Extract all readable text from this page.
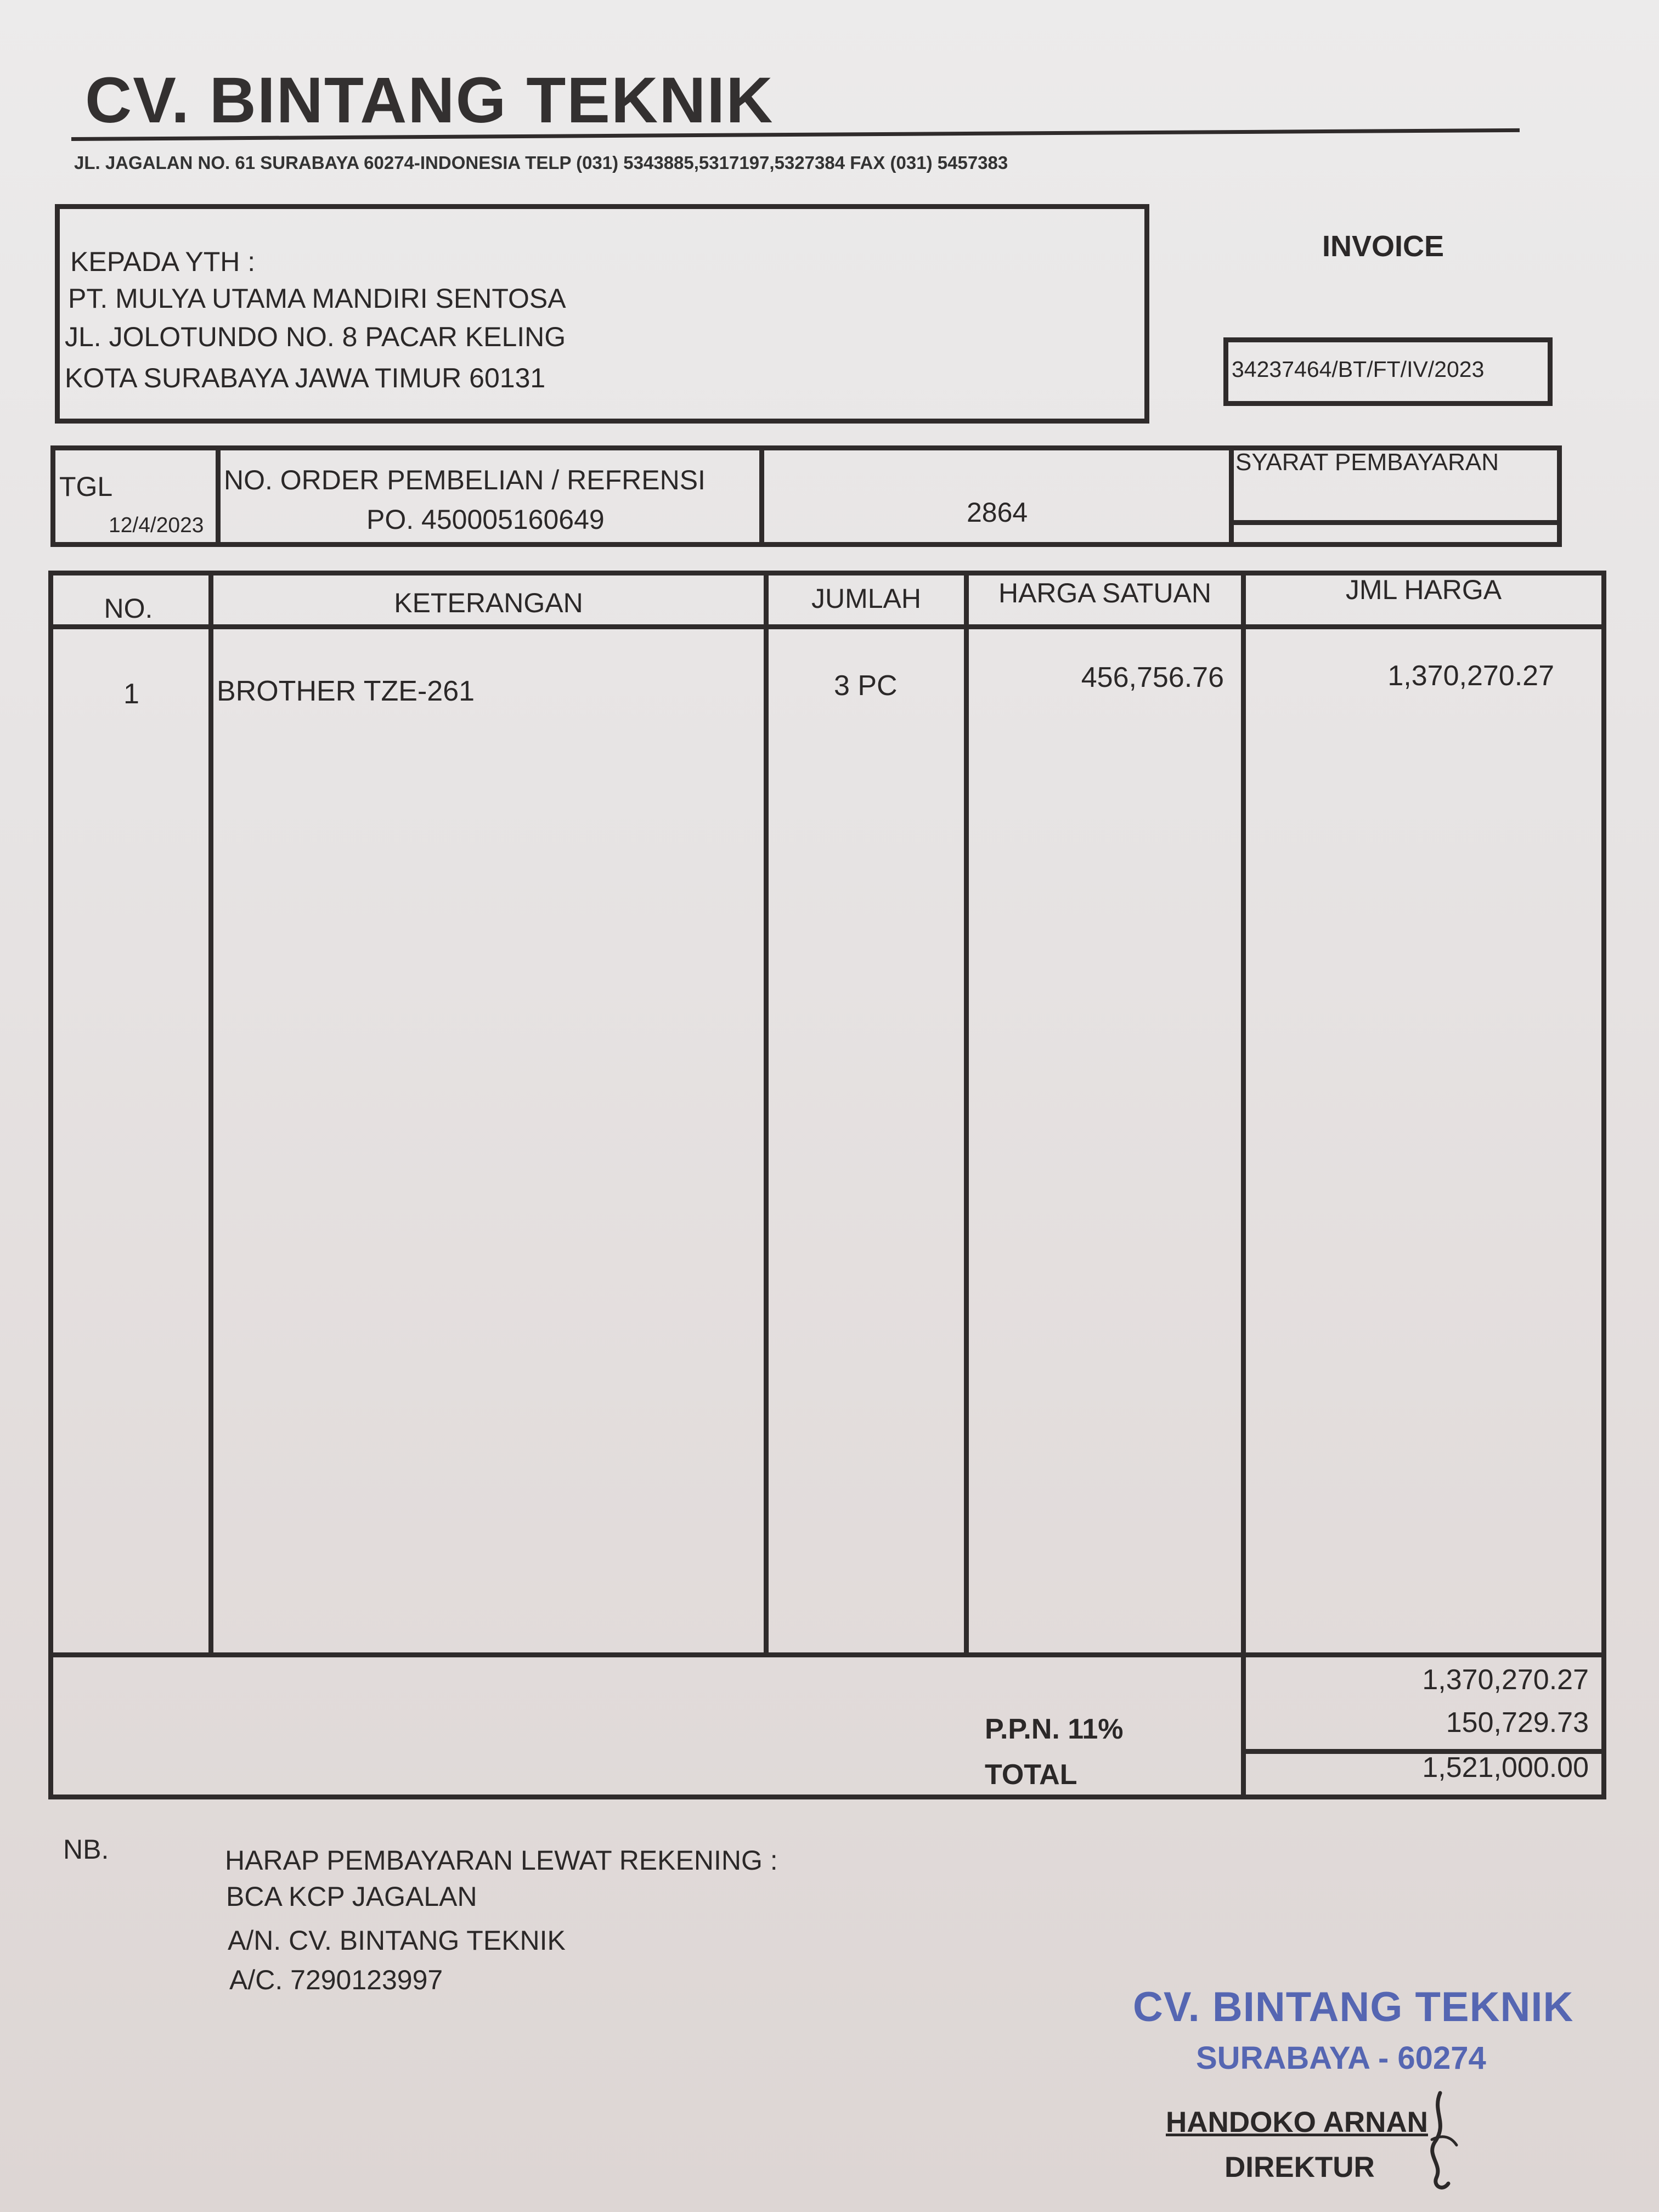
CV. BINTANG TEKNIK
JL. JAGALAN NO. 61 SURABAYA 60274-INDONESIA TELP (031) 5343885,5317197,5327384 FAX (031) 5457383
KEPADA YTH :
PT. MULYA UTAMA MANDIRI SENTOSA
JL. JOLOTUNDO NO. 8 PACAR KELING
KOTA SURABAYA JAWA TIMUR 60131
INVOICE
34237464/BT/FT/IV/2023
TGL
12/4/2023
NO. ORDER PEMBELIAN / REFRENSI
PO. 450005160649	2864
SYARAT PEMBAYARAN
NO.	KETERANGAN	JUMLAH	HARGA SATUAN	JML HARGA
1	BROTHER TZE-261	3 PC	456,756.76	1,370,270.27
1,370,270.27
P.P.N. 11%	150,729.73
TOTAL	1,521,000.00
NB.	HARAP PEMBAYARAN LEWAT REKENING :
BCA KCP JAGALAN
A/N. CV. BINTANG TEKNIK
A/C. 7290123997
CV. BINTANG TEKNIK
SURABAYA - 60274
HANDOKO ARNAN
DIREKTUR
